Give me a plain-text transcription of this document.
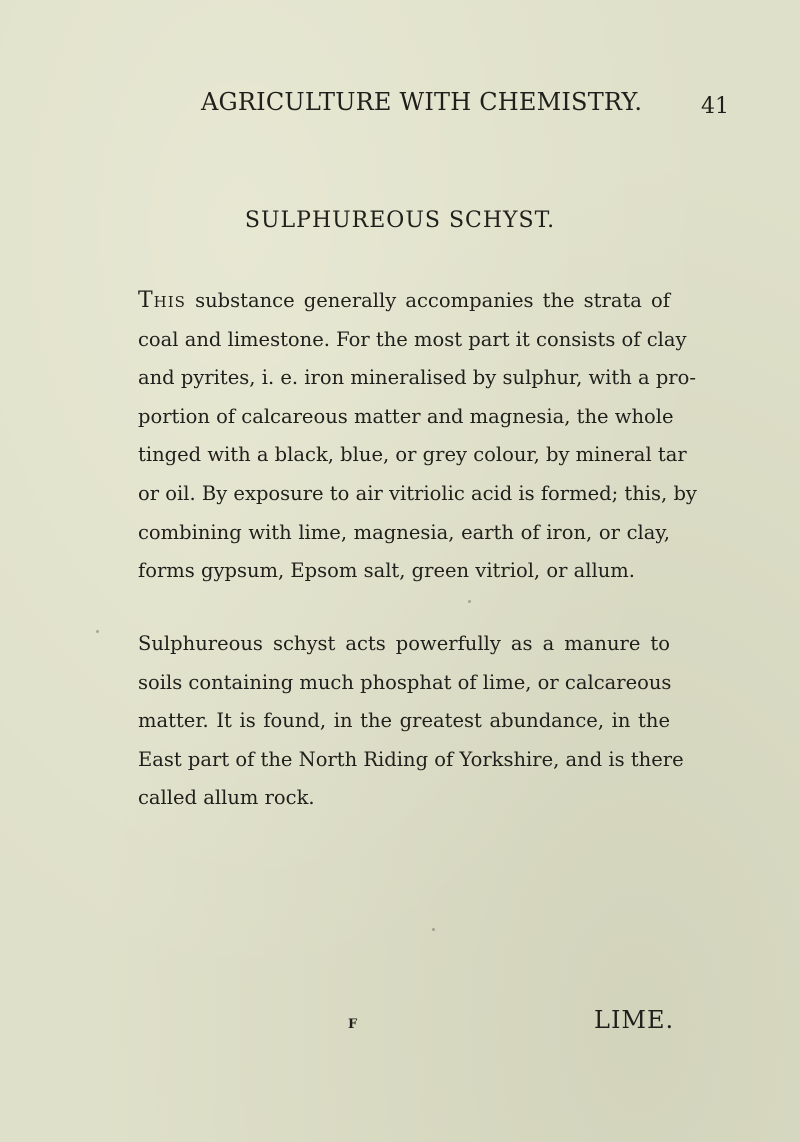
AGRICULTURE WITH CHEMISTRY.	41
SULPHUREOUS SCHYST.
This substance generally accompanies the strata of
coal and limestone. For the most part it consists of clay
and pyrites, i. e. iron mineralised by sulphur, with a pro-
portion of calcareous matter and magnesia, the whole
tinged with a black, blue, or grey colour, by mineral tar
or oil. By exposure to air vitriolic acid is formed; this, by
combining with lime, magnesia, earth of iron, or clay,
forms gypsum, Epsom salt, green vitriol, or allum.
Sulphureous schyst acts powerfully as a manure to
soils containing much phosphat of lime, or calcareous
matter. It is found, in the greatest abundance, in the
East part of the North Riding of Yorkshire, and is there
called allum rock.
F	LIME.
